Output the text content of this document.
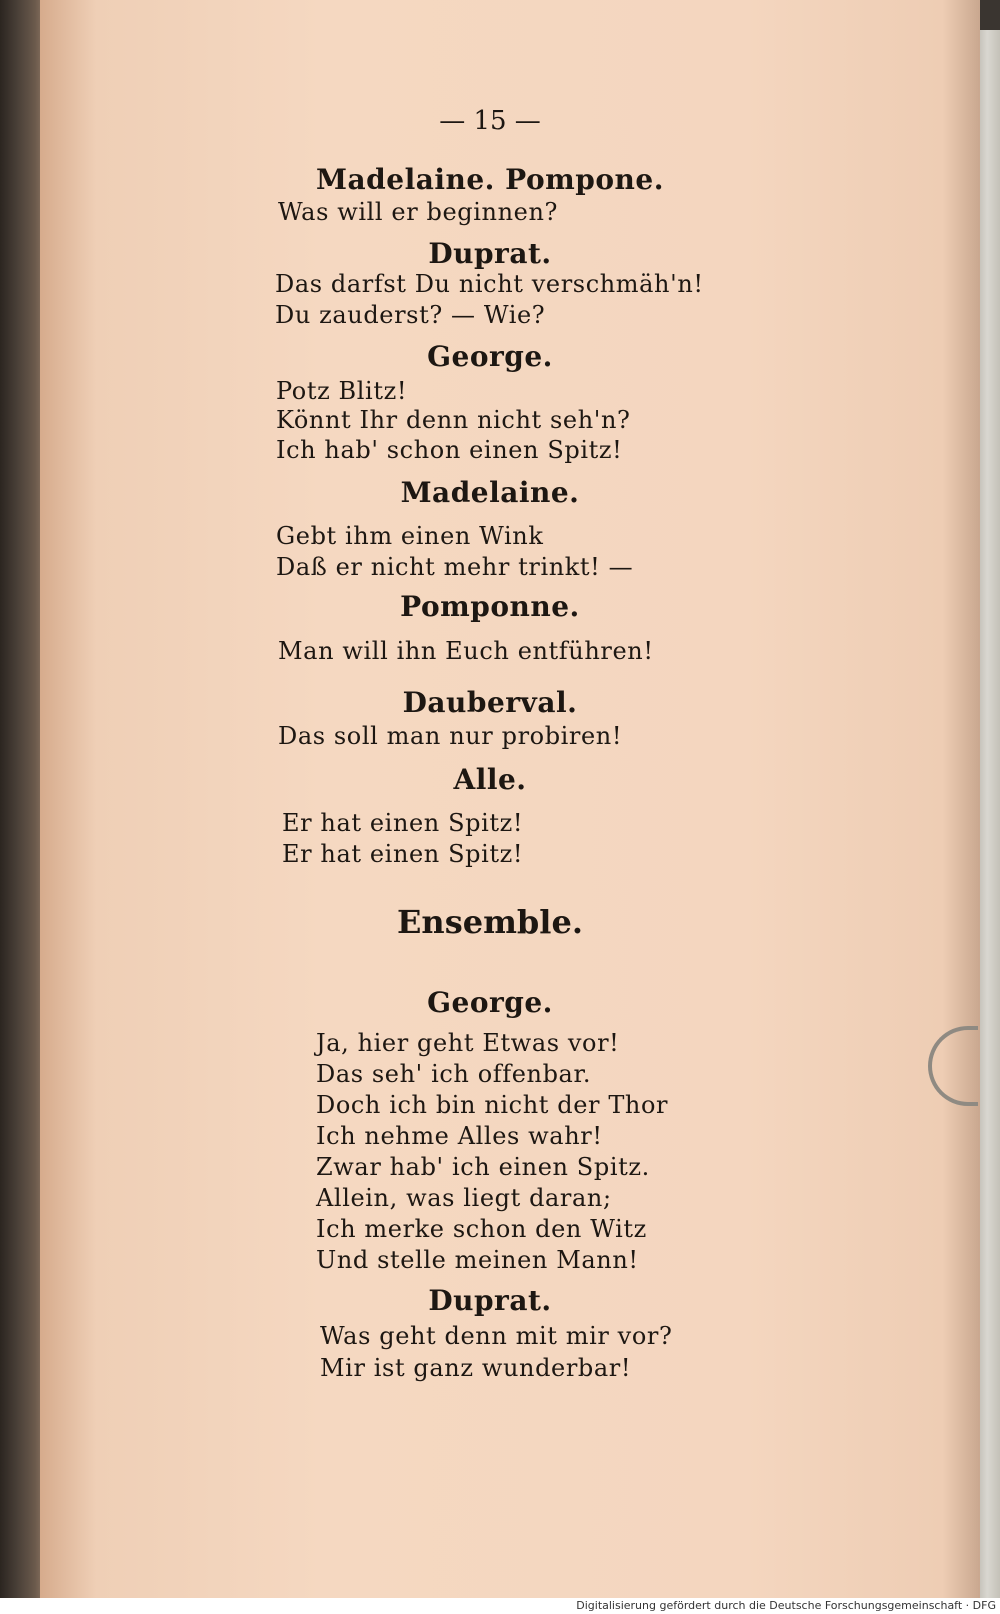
— 15 —
Madelaine. Pompone.
Was will er beginnen?
Duprat.
Das darfst Du nicht verschmäh'n!
Du zauderst? — Wie?
George.
Potz Blitz!
Könnt Ihr denn nicht seh'n?
Ich hab' schon einen Spitz!
Madelaine.
Gebt ihm einen Wink
Daß er nicht mehr trinkt! —
Pomponne.
Man will ihn Euch entführen!
Dauberval.
Das soll man nur probiren!
Alle.
Er hat einen Spitz!
Er hat einen Spitz!
Ensemble.
George.
Ja, hier geht Etwas vor!
Das seh' ich offenbar.
Doch ich bin nicht der Thor
Ich nehme Alles wahr!
Zwar hab' ich einen Spitz.
Allein, was liegt daran;
Ich merke schon den Witz
Und stelle meinen Mann!
Duprat.
Was geht denn mit mir vor?
Mir ist ganz wunderbar!
Digitalisierung gefördert durch die Deutsche Forschungsgemeinschaft · DFG
